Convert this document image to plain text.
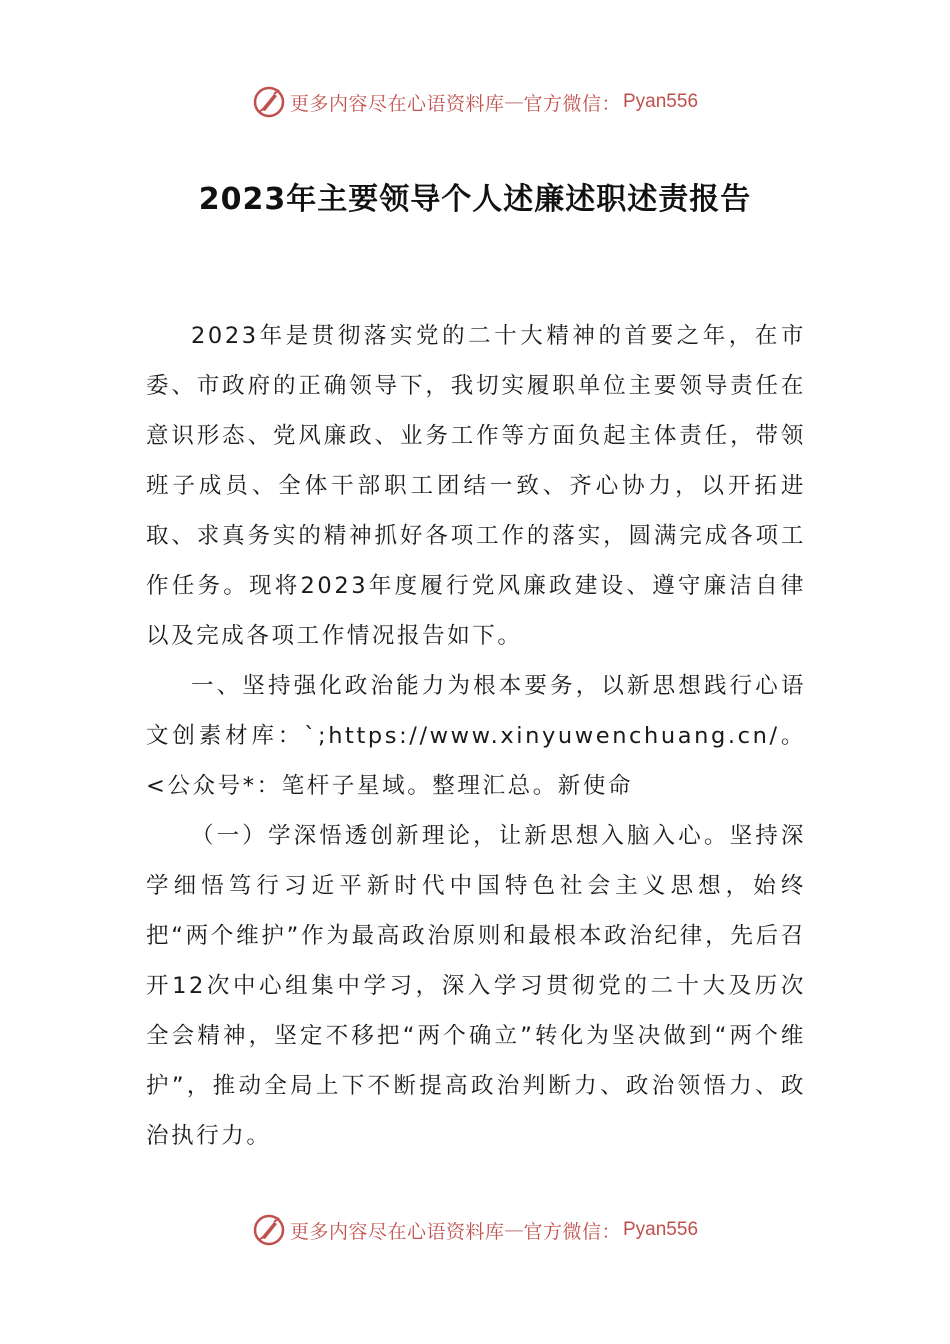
更多内容尽在心语资料库 — 官方微信： Pyan556
2023年主要领导个人述廉述职述责报告

2023年是贯彻落实党的二十大精神的首要之年，在市委、市政府的正确领导下，我切实履职单位主要领导责任在意识形态、党风廉政、业务工作等方面负起主体责任，带领班子成员、全体干部职工团结一致、齐心协力，以开拓进取、求真务实的精神抓好各项工作的落实，圆满完成各项工作任务。现将2023年度履行党风廉政建设、遵守廉洁自律以及完成各项工作情况报告如下。

一、坚持强化政治能力为根本要务，以新思想践行心语文创素材库：`;https://www.xinyuwenchuang.cn/。<公众号*：笔杆子星域。整理汇总。新使命

（一）学深悟透创新理论，让新思想入脑入心。坚持深学细悟笃行习近平新时代中国特色社会主义思想，始终把“两个维护”作为最高政治原则和最根本政治纪律，先后召开12次中心组集中学习，深入学习贯彻党的二十大及历次全会精神，坚定不移把“两个确立”转化为坚决做到“两个维护”，推动全局上下不断提高政治判断力、政治领悟力、政治执行力。

更多内容尽在心语资料库 — 官方微信： Pyan556
